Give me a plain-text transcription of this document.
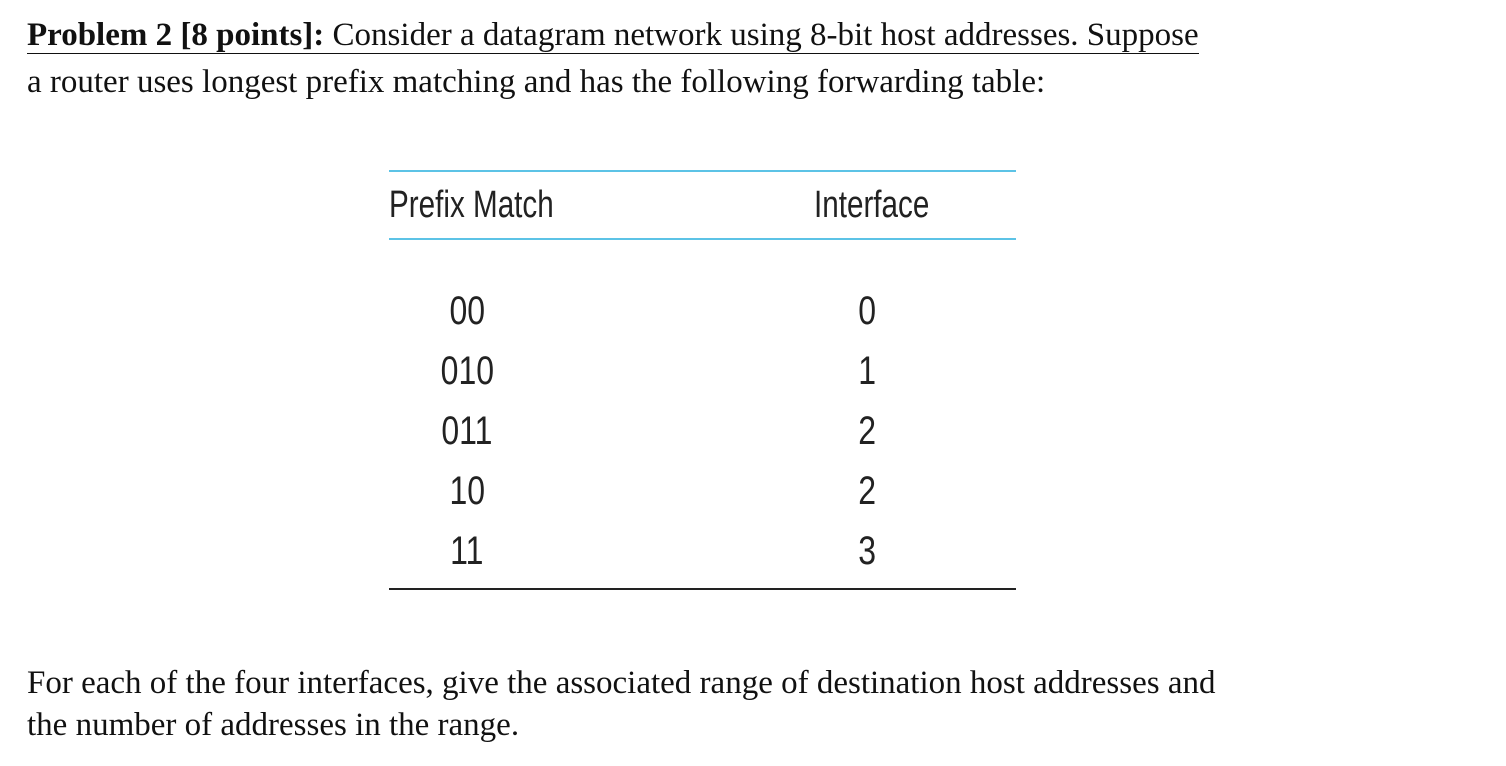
Problem 2 [8 points]: Consider a datagram network using 8-bit host addresses. Suppose
a router uses longest prefix matching and has the following forwarding table:
Prefix Match	Interface
00	0
010	1
011	2
10	2
11	3
For each of the four interfaces, give the associated range of destination host addresses and
the number of addresses in the range.
